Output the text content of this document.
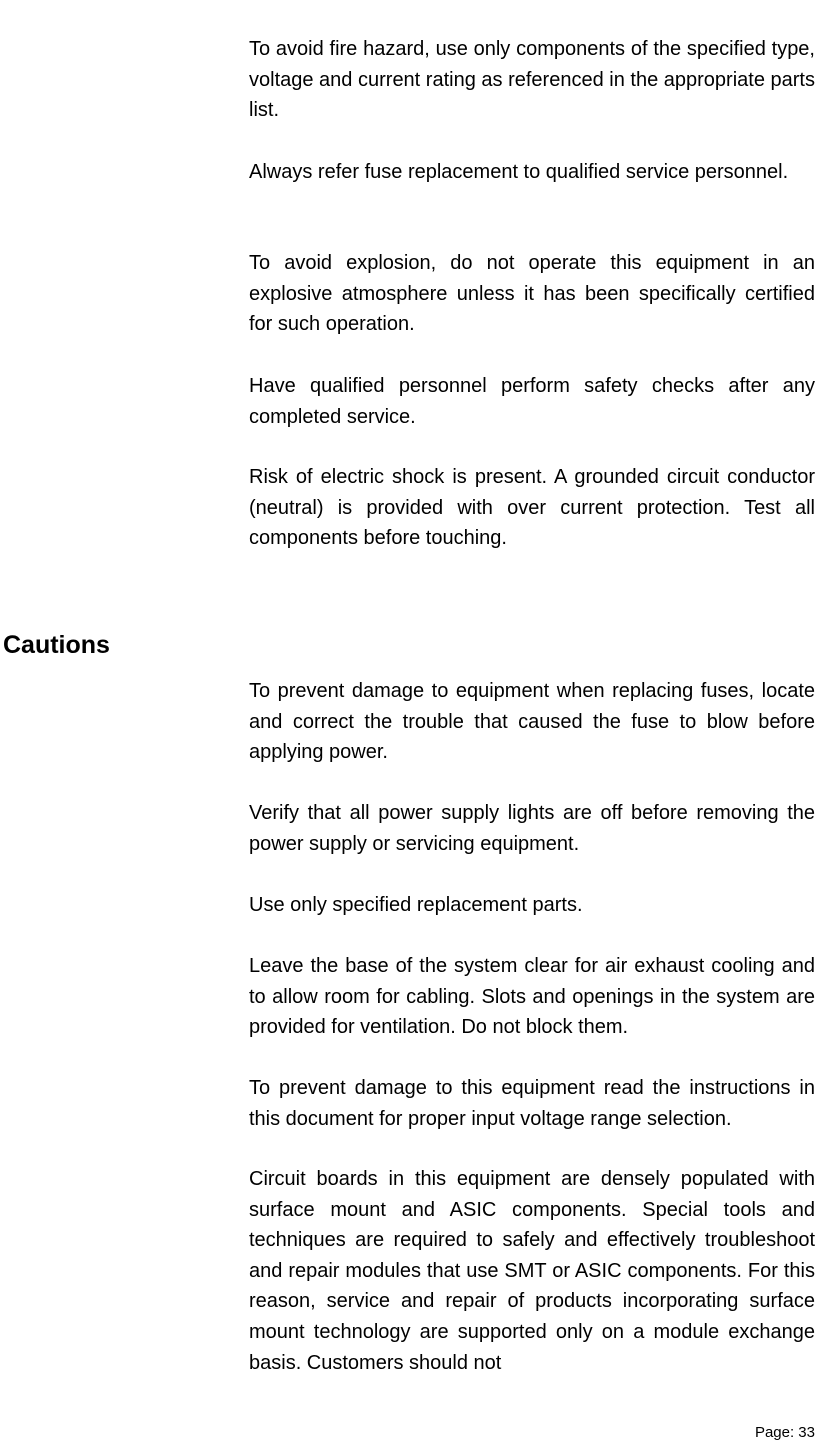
To avoid fire hazard, use only components of the specified type, voltage and current rating as referenced in the appropriate parts list.

Always refer fuse replacement to qualified service personnel.

To avoid explosion, do not operate this equipment in an explosive atmosphere unless it has been specifically certified for such operation.

Have qualified personnel perform safety checks after any completed service.

Risk of electric shock is present. A grounded circuit conductor (neutral) is provided with over current protection. Test all components before touching.

Cautions

To prevent damage to equipment when replacing fuses, locate and correct the trouble that caused the fuse to blow before applying power.

Verify that all power supply lights are off before removing the power supply or servicing equipment.

Use only specified replacement parts.

Leave the base of the system clear for air exhaust cooling and to allow room for cabling. Slots and openings in the system are provided for ventilation. Do not block them.

To prevent damage to this equipment read the instructions in this document for proper input voltage range selection.

Circuit boards in this equipment are densely populated with surface mount and ASIC components. Special tools and techniques are required to safely and effectively troubleshoot and repair modules that use SMT or ASIC components. For this reason, service and repair of products incorporating surface mount technology are supported only on a module exchange basis. Customers should not

Page: 33
